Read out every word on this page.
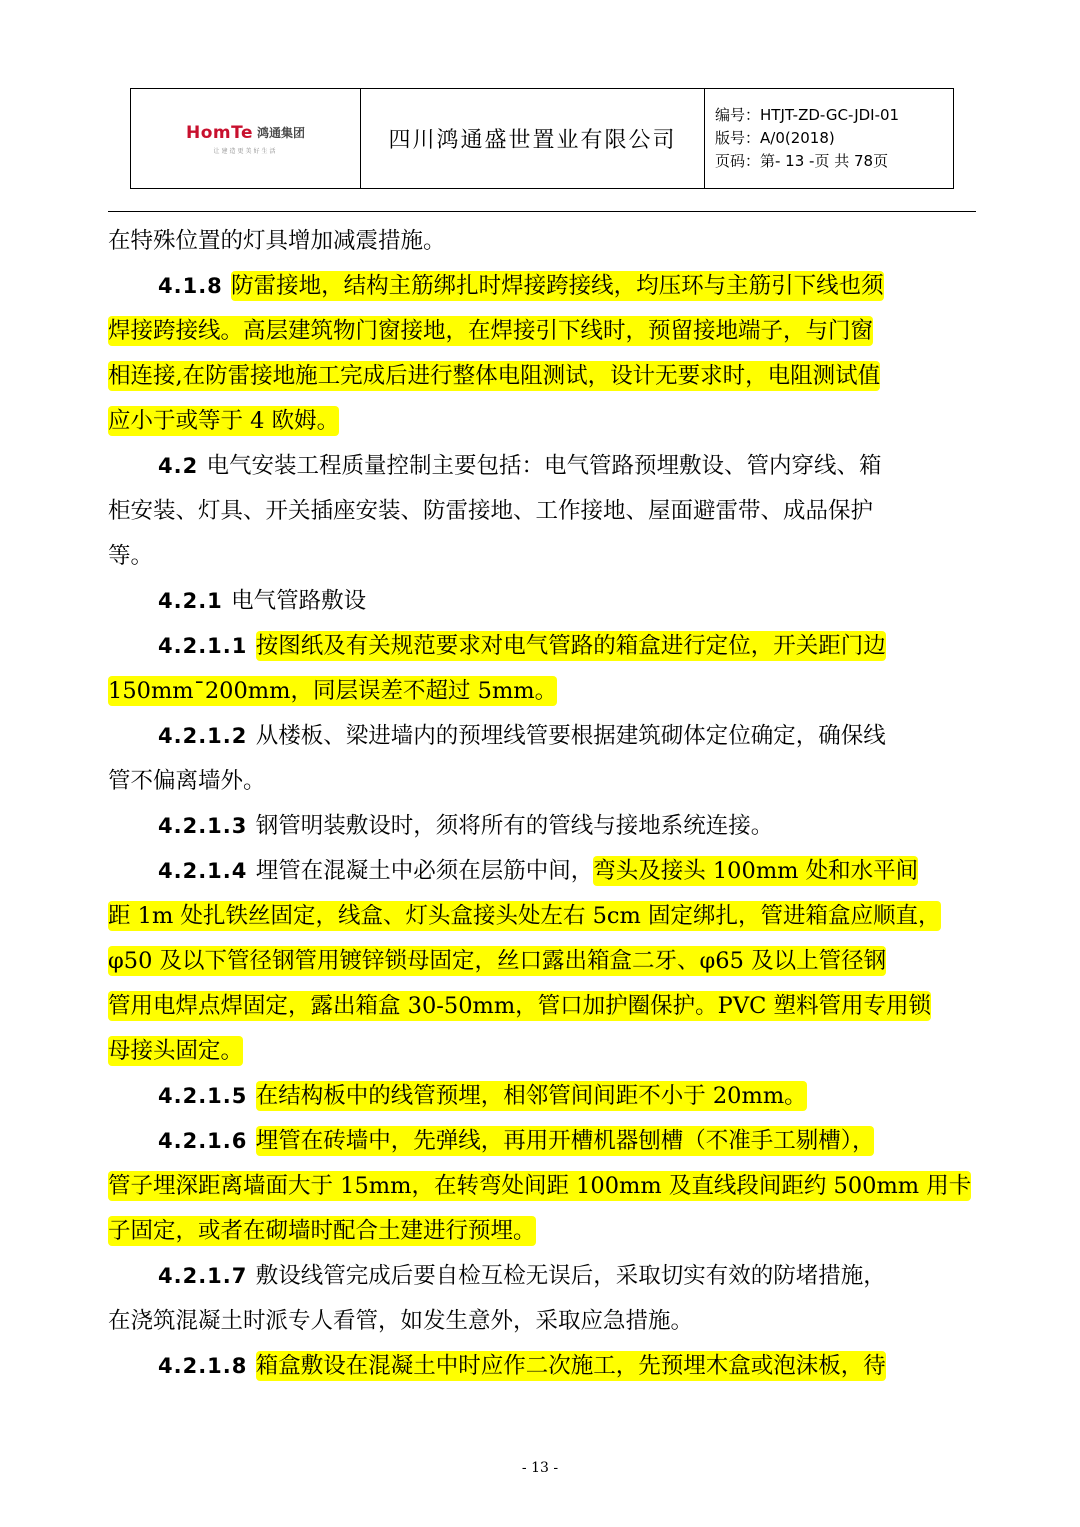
HomTe 鸿通集团
让建造更美好生活	四川鸿通盛世置业有限公司
编号：HTJT-ZD-GC-JDⅠ-01
版号：A/0(2018)
页码：第- 13 -页 共 78页
在特殊位置的灯具增加减震措施。
4.1.8 防雷接地，结构主筋绑扎时焊接跨接线，均压环与主筋引下线也须
焊接跨接线。高层建筑物门窗接地，在焊接引下线时，预留接地端子，与门窗
相连接,在防雷接地施工完成后进行整体电阻测试，设计无要求时，电阻测试值
应小于或等于 4 欧姆。
4.2 电气安装工程质量控制主要包括：电气管路预埋敷设、管内穿线、箱
柜安装、灯具、开关插座安装、防雷接地、工作接地、屋面避雷带、成品保护
等。
4.2.1 电气管路敷设
4.2.1.1 按图纸及有关规范要求对电气管路的箱盒进行定位，开关距门边
150mm¯200mm，同层误差不超过 5mm。
4.2.1.2 从楼板、梁进墙内的预埋线管要根据建筑砌体定位确定，确保线
管不偏离墙外。
4.2.1.3 钢管明装敷设时，须将所有的管线与接地系统连接。
4.2.1.4 埋管在混凝土中必须在层筋中间，弯头及接头 100mm 处和水平间
距 1m 处扎铁丝固定，线盒、灯头盒接头处左右 5cm 固定绑扎，管进箱盒应顺直，
φ50 及以下管径钢管用镀锌锁母固定，丝口露出箱盒二牙、φ65 及以上管径钢
管用电焊点焊固定，露出箱盒 30-50mm，管口加护圈保护。PVC 塑料管用专用锁
母接头固定。
4.2.1.5 在结构板中的线管预埋，相邻管间间距不小于 20mm。
4.2.1.6 埋管在砖墙中，先弹线，再用开槽机器刨槽（不准手工剔槽），
管子埋深距离墙面大于 15mm，在转弯处间距 100mm 及直线段间距约 500mm 用卡
子固定，或者在砌墙时配合土建进行预埋。
4.2.1.7 敷设线管完成后要自检互检无误后，采取切实有效的防堵措施，
在浇筑混凝土时派专人看管，如发生意外，采取应急措施。
4.2.1.8 箱盒敷设在混凝土中时应作二次施工，先预埋木盒或泡沫板，待
- 13 -
